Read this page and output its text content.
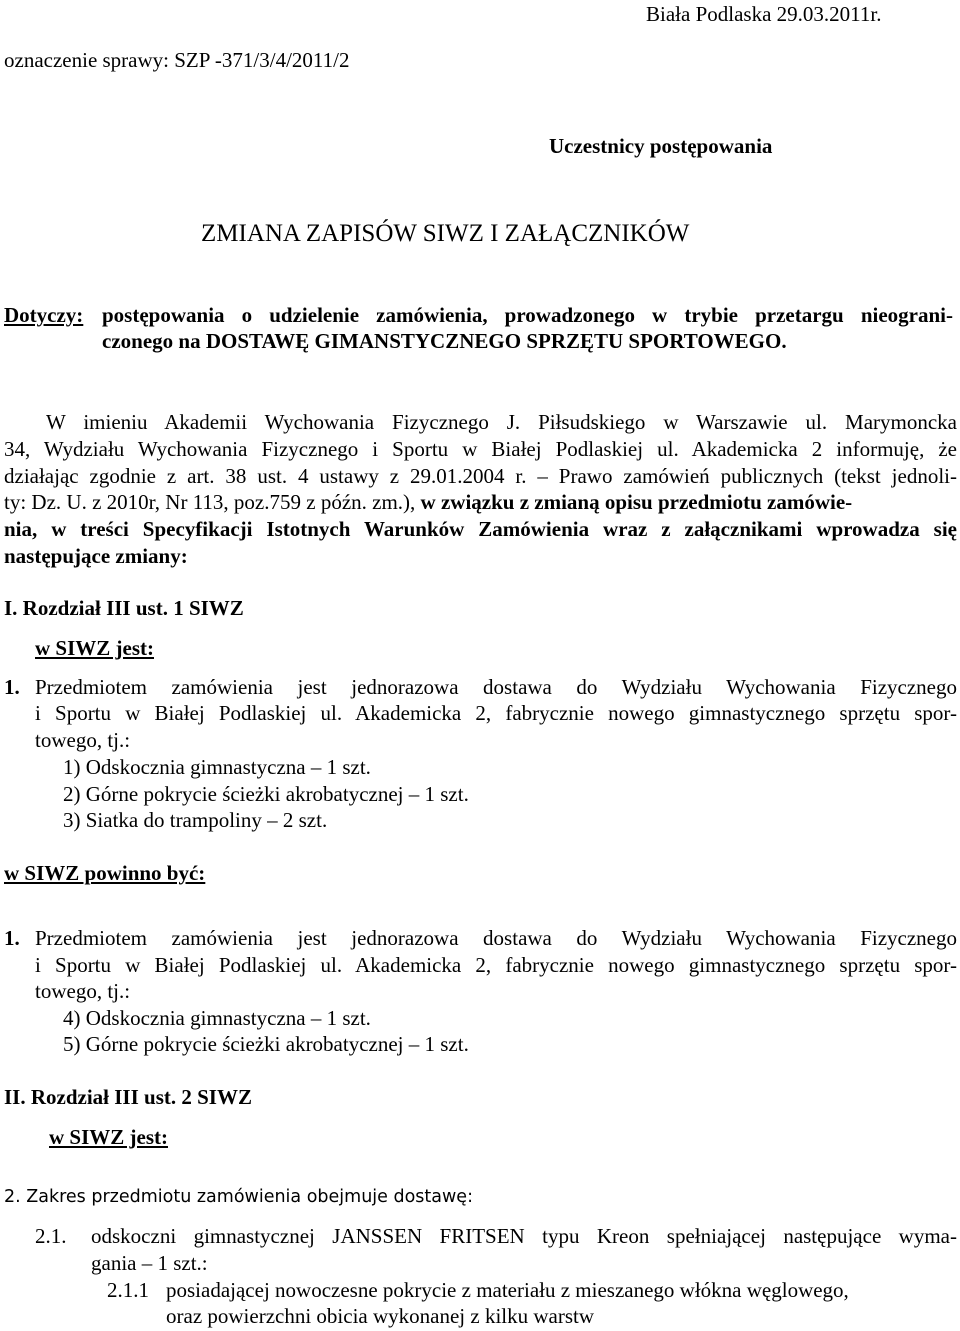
Biała Podlaska 29.03.2011r.
oznaczenie sprawy: SZP -371/3/4/2011/2
Uczestnicy postępowania
ZMIANA ZAPISÓW SIWZ I ZAŁĄCZNIKÓW
Dotyczy: postępowania o udzielenie zamówienia, prowadzonego w trybie przetargu nieograni-
czonego na DOSTAWĘ GIMANSTYCZNEGO SPRZĘTU SPORTOWEGO.
W imieniu Akademii Wychowania Fizycznego J. Piłsudskiego w Warszawie ul. Marymoncka
34, Wydziału Wychowania Fizycznego i Sportu w Białej Podlaskiej ul. Akademicka 2 informuję, że
działając zgodnie z art. 38 ust. 4 ustawy z 29.01.2004 r. – Prawo zamówień publicznych (tekst jednoli-
ty: Dz. U. z 2010r, Nr 113, poz.759 z późn. zm.), w związku z zmianą opisu przedmiotu zamówie-
nia, w treści Specyfikacji Istotnych Warunków Zamówienia wraz z załącznikami wprowadza się
następujące zmiany:
I. Rozdział III ust. 1 SIWZ
w SIWZ jest:
1. Przedmiotem zamówienia jest jednorazowa dostawa do Wydziału Wychowania Fizycznego
i Sportu w Białej Podlaskiej ul. Akademicka 2, fabrycznie nowego gimnastycznego sprzętu spor-
towego, tj.:
1) Odskocznia gimnastyczna – 1 szt.
2) Górne pokrycie ścieżki akrobatycznej – 1 szt.
3) Siatka do trampoliny – 2 szt.
w SIWZ powinno być:
1. Przedmiotem zamówienia jest jednorazowa dostawa do Wydziału Wychowania Fizycznego
i Sportu w Białej Podlaskiej ul. Akademicka 2, fabrycznie nowego gimnastycznego sprzętu spor-
towego, tj.:
4) Odskocznia gimnastyczna – 1 szt.
5) Górne pokrycie ścieżki akrobatycznej – 1 szt.
II. Rozdział III ust. 2 SIWZ
w SIWZ jest:
2. Zakres przedmiotu zamówienia obejmuje dostawę:
2.1. odskoczni gimnastycznej JANSSEN FRITSEN typu Kreon spełniającej następujące wyma-
gania – 1 szt.:
2.1.1 posiadającej nowoczesne pokrycie z materiału z mieszanego włókna węglowego,
oraz powierzchni obicia wykonanej z kilku warstw
